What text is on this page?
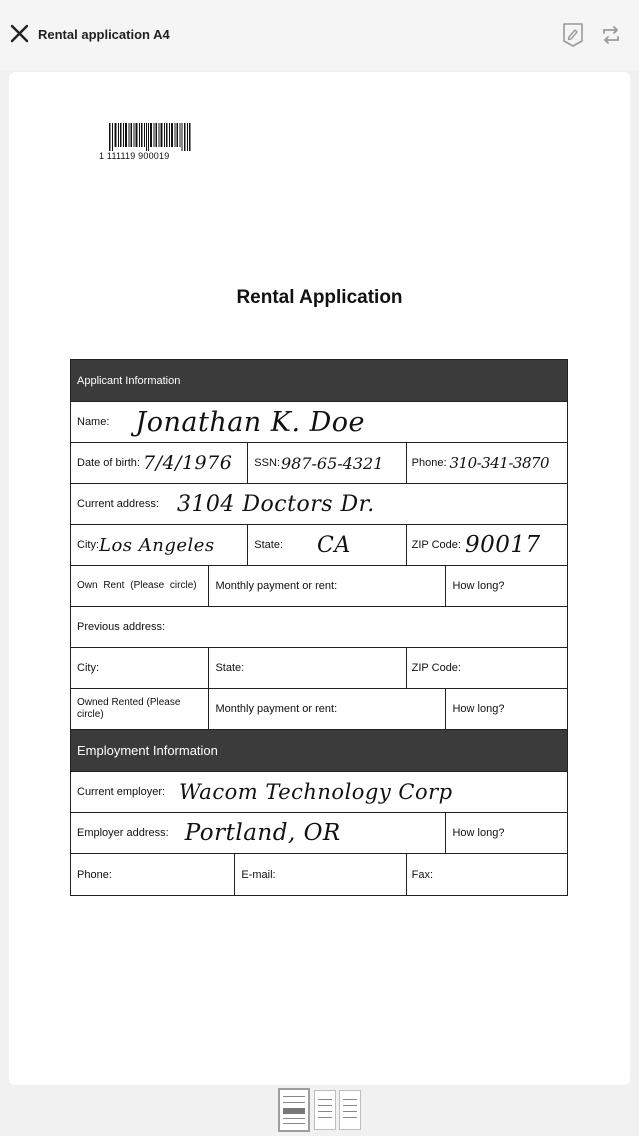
Rental application A4
1 111119 900019
Rental Application
Applicant Information
Name: Jonathan K. Doe
Date of birth: 7/4/1976 SSN: 987-65-4321	Phone: 310-341-3870
Current address: 3104 Doctors Dr.
City: Los Angeles	State: CA	ZIP Code: 90017
Own Rent (Please circle) Monthly payment or rent:	How long?
Previous address:
City:	State:	ZIP Code:
Owned Rented (Please circle)	Monthly payment or rent:	How long?
Employment Information
Current employer: Wacom Technology Corp
Employer address: Portland, OR	How long?
Phone:	E-mail:	Fax:
